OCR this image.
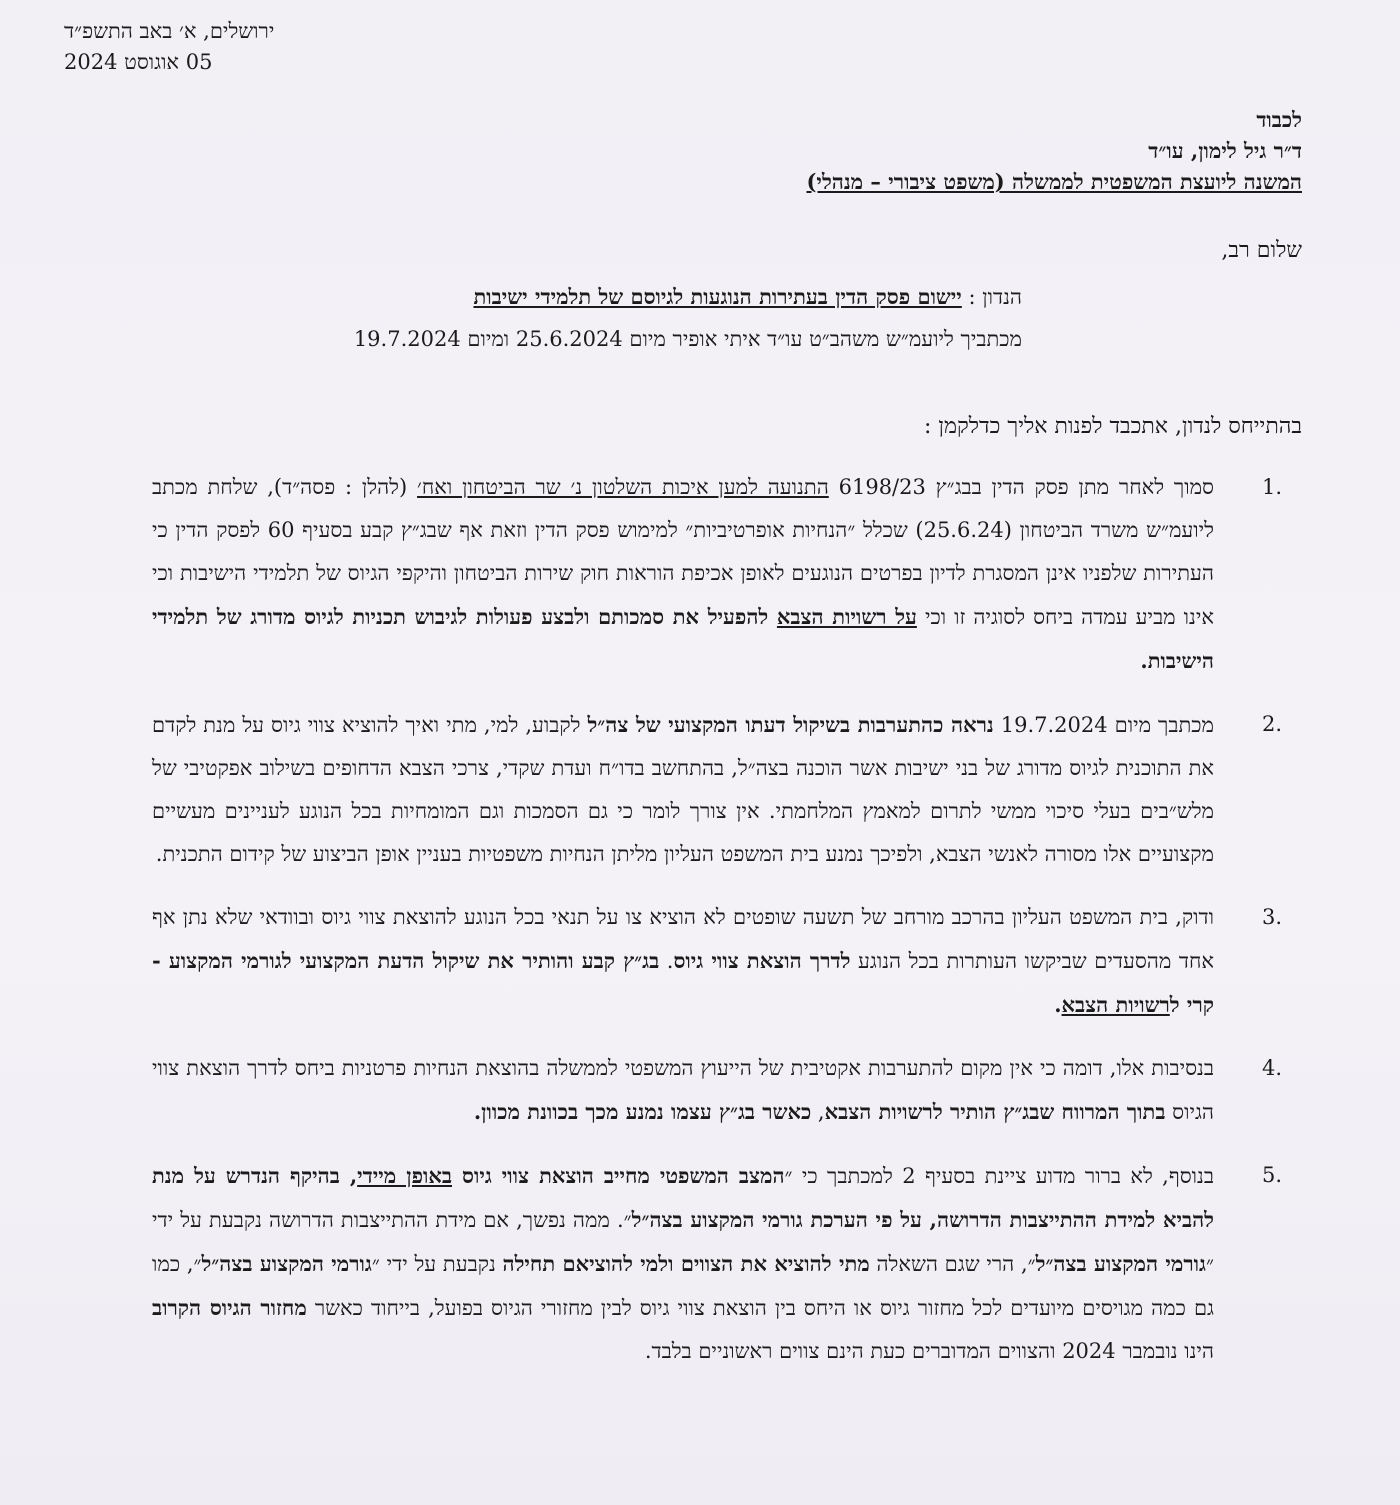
ירושלים, א׳ באב התשפ״ד
05 אוגוסט 2024
לכבוד
ד״ר גיל לימון, עו״ד
המשנה ליועצת המשפטית לממשלה (משפט ציבורי – מנהלי)
שלום רב,
הנדון : יישום פסק הדין בעתירות הנוגעות לגיוסם של תלמידי ישיבות
מכתביך ליועמ״ש משהב״ט עו״ד איתי אופיר מיום 25.6.2024 ומיום 19.7.2024
בהתייחס לנדון, אתכבד לפנות אליך כדלקמן :
1.
סמוך לאחר מתן פסק הדין בבג״ץ 6198/23 התנועה למען איכות השלטון נ׳ שר הביטחון ואח׳ (להלן : פסה״ד), שלחת מכתב ליועמ״ש משרד הביטחון (25.6.24) שכלל ״הנחיות אופרטיביות״ למימוש פסק הדין וזאת אף שבג״ץ קבע בסעיף 60 לפסק הדין כי העתירות שלפניו אינן המסגרת לדיון בפרטים הנוגעים לאופן אכיפת הוראות חוק שירות הביטחון והיקפי הגיוס של תלמידי הישיבות וכי אינו מביע עמדה ביחס לסוגיה זו וכי על רשויות הצבא להפעיל את סמכותם ולבצע פעולות לגיבוש תכניות לגיוס מדורג של תלמידי הישיבות.
2.
מכתבך מיום 19.7.2024 נראה כהתערבות בשיקול דעתו המקצועי של צה״ל לקבוע, למי, מתי ואיך להוציא צווי גיוס על מנת לקדם את התוכנית לגיוס מדורג של בני ישיבות אשר הוכנה בצה״ל, בהתחשב בדו״ח ועדת שקדי, צרכי הצבא הדחופים בשילוב אפקטיבי של מלש״בים בעלי סיכוי ממשי לתרום למאמץ המלחמתי. אין צורך לומר כי גם הסמכות וגם המומחיות בכל הנוגע לעניינים מעשיים מקצועיים אלו מסורה לאנשי הצבא, ולפיכך נמנע בית המשפט העליון מליתן הנחיות משפטיות בעניין אופן הביצוע של קידום התכנית.
3.
ודוק, בית המשפט העליון בהרכב מורחב של תשעה שופטים לא הוציא צו על תנאי בכל הנוגע להוצאת צווי גיוס ובוודאי שלא נתן אף אחד מהסעדים שביקשו העותרות בכל הנוגע לדרך הוצאת צווי גיוס. בג״ץ קבע והותיר את שיקול הדעת המקצועי לגורמי המקצוע - קרי לרשויות הצבא.
4.
בנסיבות אלו, דומה כי אין מקום להתערבות אקטיבית של הייעוץ המשפטי לממשלה בהוצאת הנחיות פרטניות ביחס לדרך הוצאת צווי הגיוס בתוך המרווח שבג״ץ הותיר לרשויות הצבא, כאשר בג״ץ עצמו נמנע מכך בכוונת מכוון.
5.
בנוסף, לא ברור מדוע ציינת בסעיף 2 למכתבך כי ״המצב המשפטי מחייב הוצאת צווי גיוס באופן מיידי, בהיקף הנדרש על מנת להביא למידת ההתייצבות הדרושה, על פי הערכת גורמי המקצוע בצה״ל״. ממה נפשך, אם מידת ההתייצבות הדרושה נקבעת על ידי ״גורמי המקצוע בצה״ל״, הרי שגם השאלה מתי להוציא את הצווים ולמי להוציאם תחילה נקבעת על ידי ״גורמי המקצוע בצה״ל״, כמו גם כמה מגויסים מיועדים לכל מחזור גיוס או היחס בין הוצאת צווי גיוס לבין מחזורי הגיוס בפועל, בייחוד כאשר מחזור הגיוס הקרוב הינו נובמבר 2024 והצווים המדוברים כעת הינם צווים ראשוניים בלבד.
